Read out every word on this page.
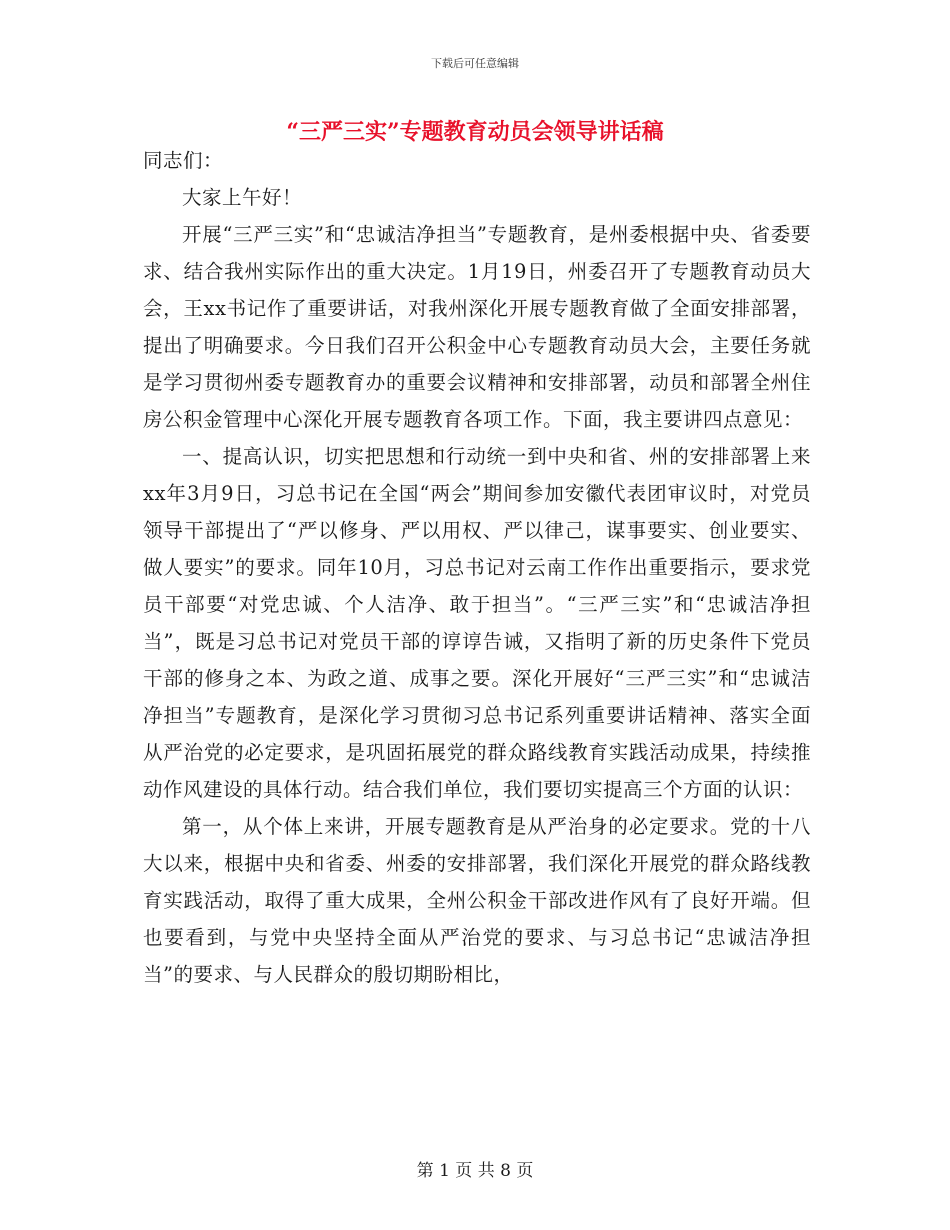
下载后可任意编辑
“三严三实”专题教育动员会领导讲话稿

同志们：

大家上午好！

开展“三严三实”和“忠诚洁净担当”专题教育，是州委根据中央、省委要求、结合我州实际作出的重大决定。1月19日，州委召开了专题教育动员大会，王xx书记作了重要讲话，对我州深化开展专题教育做了全面安排部署，提出了明确要求。今日我们召开公积金中心专题教育动员大会，主要任务就是学习贯彻州委专题教育办的重要会议精神和安排部署，动员和部署全州住房公积金管理中心深化开展专题教育各项工作。下面，我主要讲四点意见：

一、提高认识，切实把思想和行动统一到中央和省、州的安排部署上来xx年3月9日，习总书记在全国“两会”期间参加安徽代表团审议时，对党员领导干部提出了“严以修身、严以用权、严以律己，谋事要实、创业要实、做人要实”的要求。同年10月，习总书记对云南工作作出重要指示，要求党员干部要“对党忠诚、个人洁净、敢于担当”。“三严三实”和“忠诚洁净担当”，既是习总书记对党员干部的谆谆告诫，又指明了新的历史条件下党员干部的修身之本、为政之道、成事之要。深化开展好“三严三实”和“忠诚洁净担当”专题教育，是深化学习贯彻习总书记系列重要讲话精神、落实全面从严治党的必定要求，是巩固拓展党的群众路线教育实践活动成果，持续推动作风建设的具体行动。结合我们单位，我们要切实提高三个方面的认识：

第一，从个体上来讲，开展专题教育是从严治身的必定要求。党的十八大以来，根据中央和省委、州委的安排部署，我们深化开展党的群众路线教育实践活动，取得了重大成果，全州公积金干部改进作风有了良好开端。但也要看到，与党中央坚持全面从严治党的要求、与习总书记“忠诚洁净担当”的要求、与人民群众的殷切期盼相比，

第 1 页 共 8 页
